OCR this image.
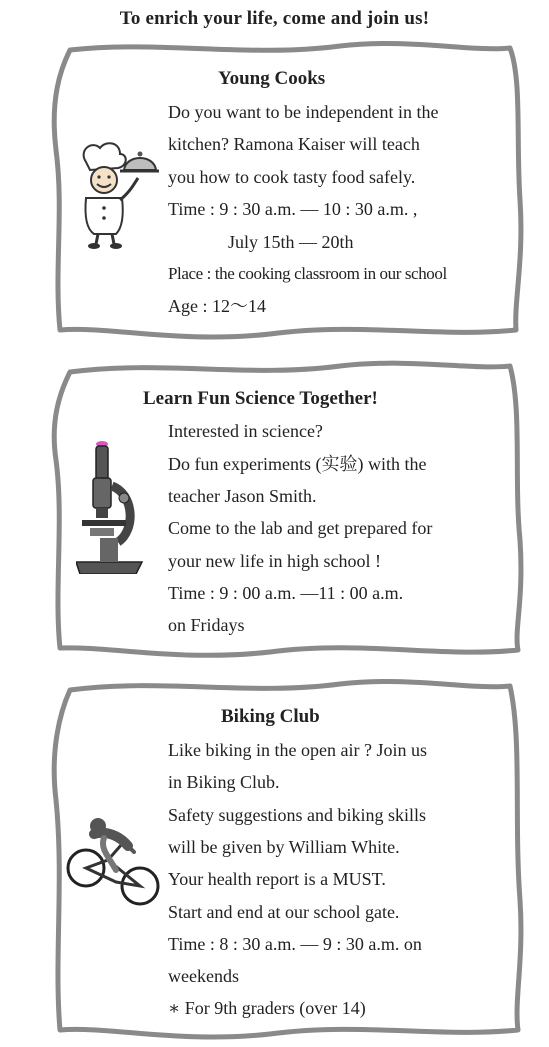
To enrich your life, come and join us!
Young Cooks
Do you want to be independent in the
kitchen? Ramona Kaiser will teach
you how to cook tasty food safely.
Time : 9 : 30 a.m. — 10 : 30 a.m. ,
July 15th — 20th
Place : the cooking classroom in our school
Age : 12〜14
Learn Fun Science Together!
Interested in science?
Do fun experiments (实验) with the
teacher Jason Smith.
Come to the lab and get prepared for
your new life in high school !
Time : 9 : 00 a.m. —11 : 00 a.m.
on Fridays
Biking Club
Like biking in the open air ? Join us
in Biking Club.
Safety suggestions and biking skills
will be given by William White.
Your health report is a MUST.
Start and end at our school gate.
Time : 8 : 30 a.m. — 9 : 30 a.m. on
weekends
∗ For 9th graders (over 14)
